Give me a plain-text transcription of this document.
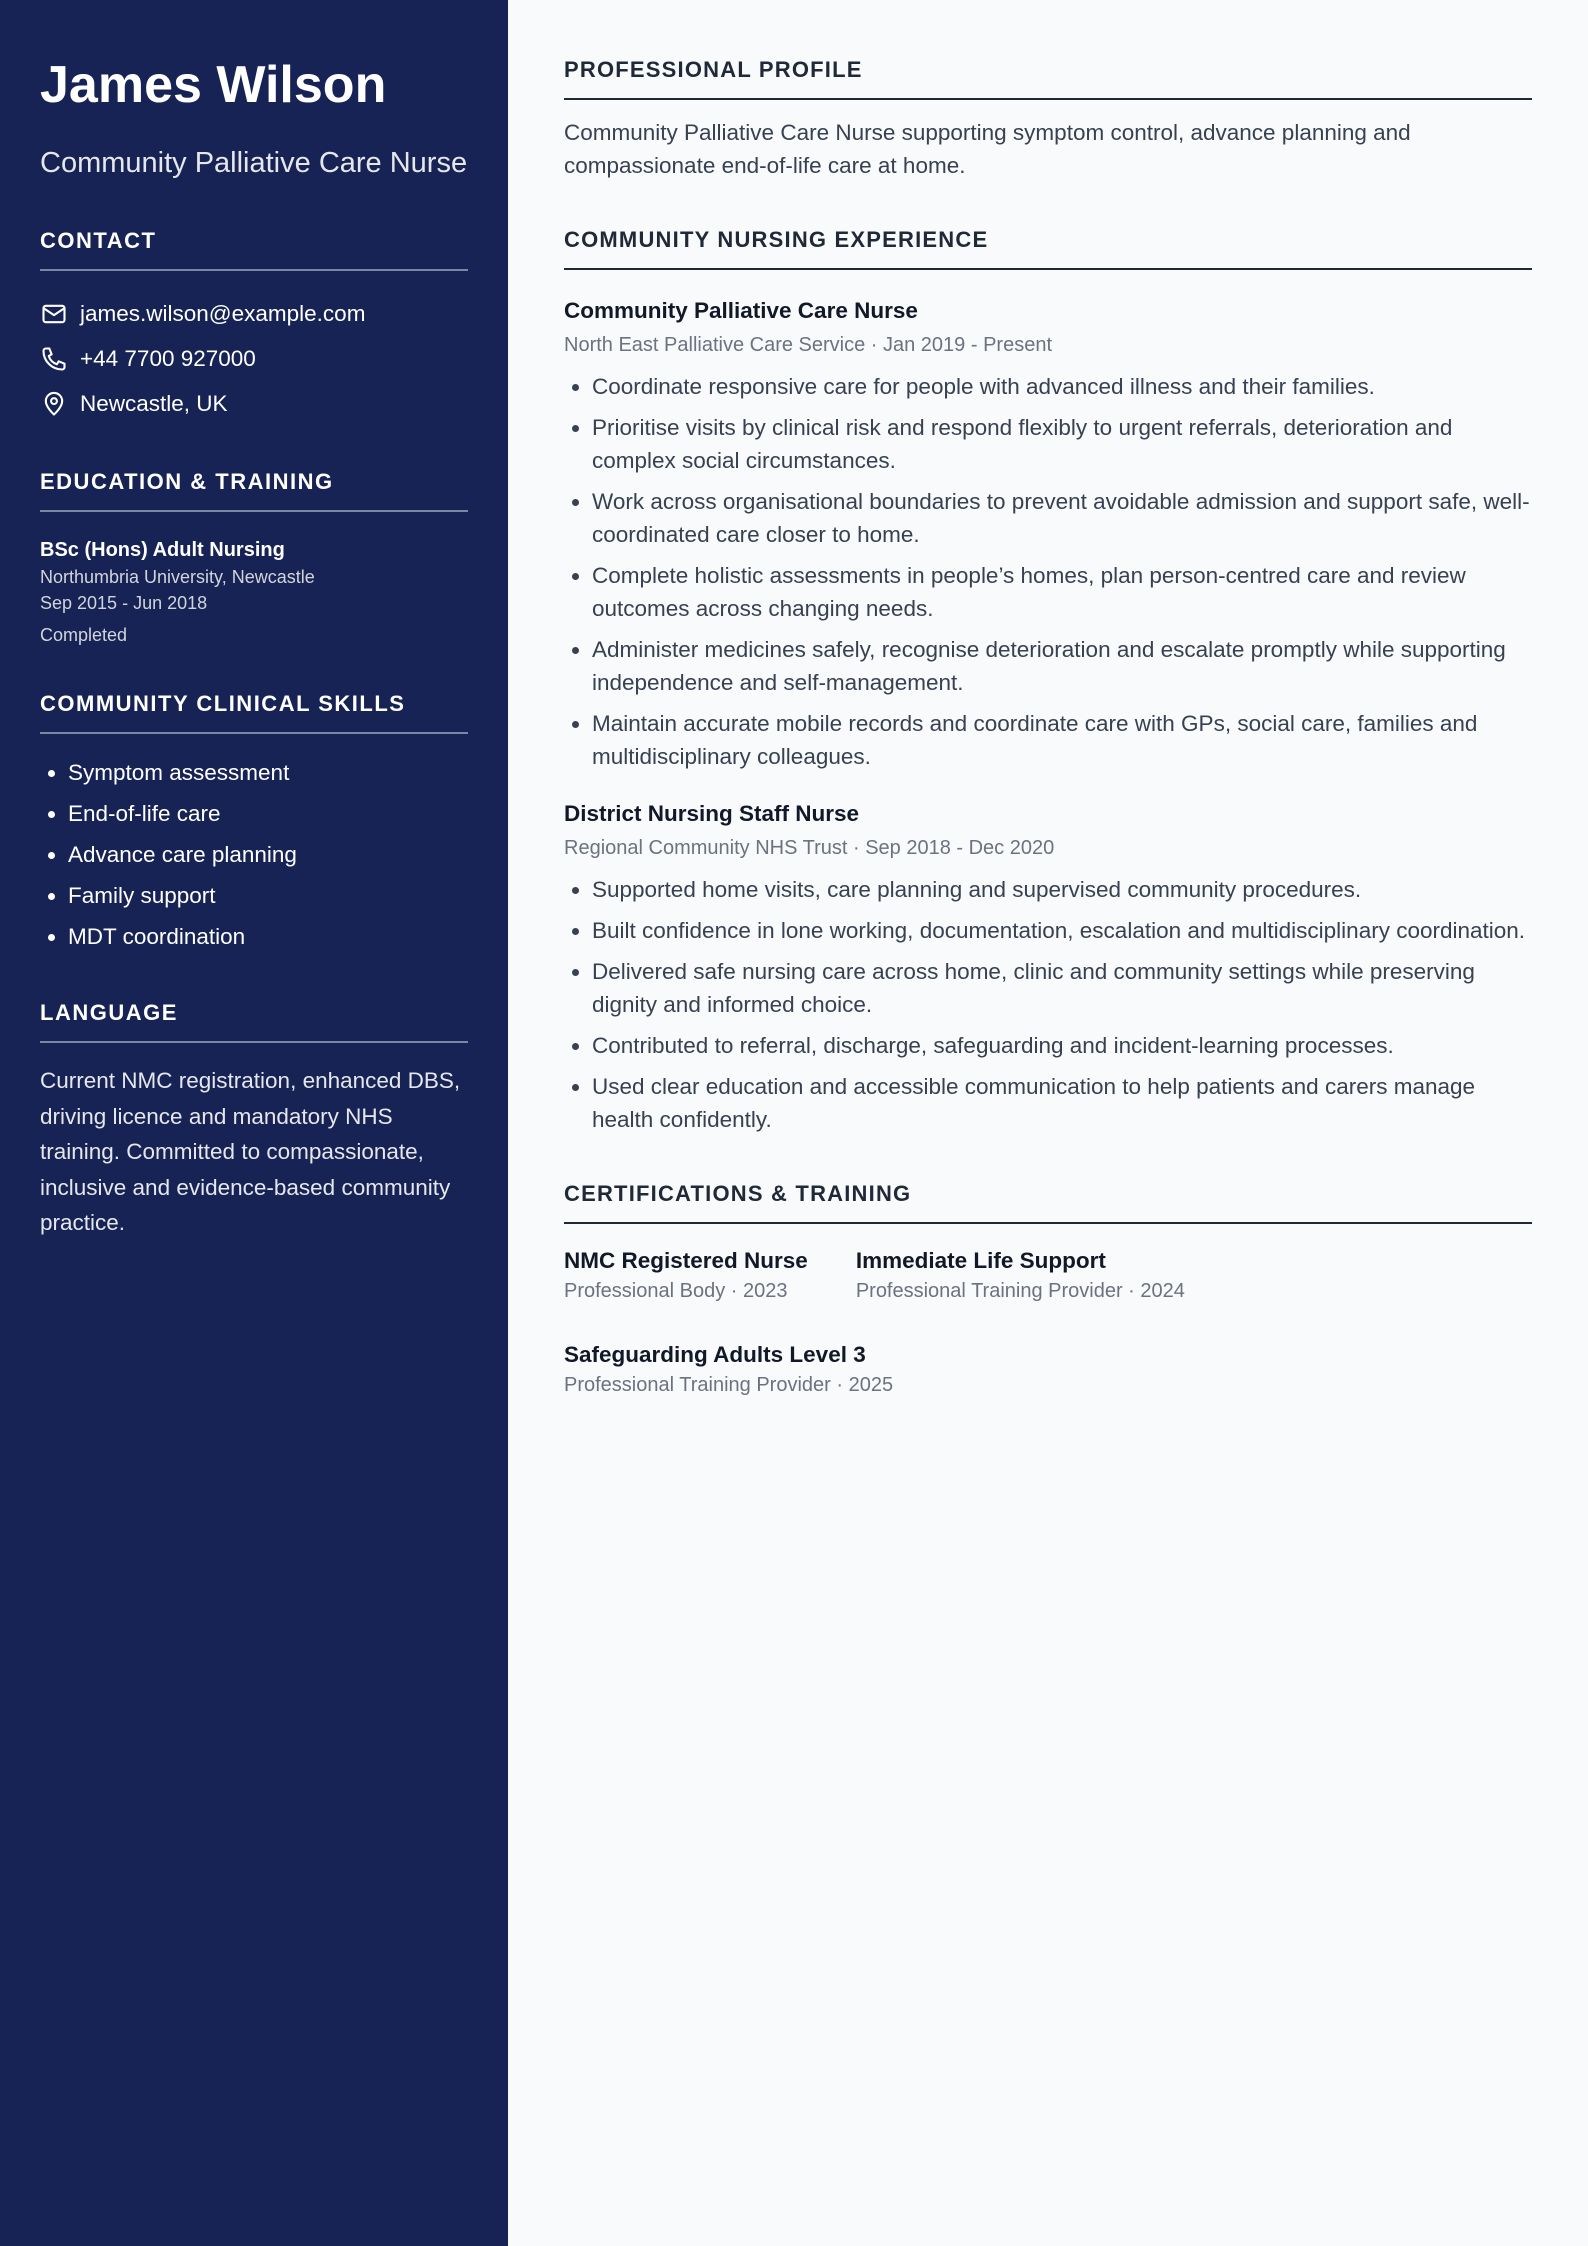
James Wilson
Community Palliative Care Nurse
CONTACT
james.wilson@example.com
+44 7700 927000
Newcastle, UK
EDUCATION & TRAINING
BSc (Hons) Adult Nursing
Northumbria University, Newcastle
Sep 2015 - Jun 2018
Completed
COMMUNITY CLINICAL SKILLS
• Symptom assessment
• End-of-life care
• Advance care planning
• Family support
• MDT coordination
LANGUAGE
Current NMC registration, enhanced DBS, driving licence and mandatory NHS training. Committed to compassionate, inclusive and evidence-based community practice.
PROFESSIONAL PROFILE
Community Palliative Care Nurse supporting symptom control, advance planning and compassionate end-of-life care at home.
COMMUNITY NURSING EXPERIENCE
Community Palliative Care Nurse
North East Palliative Care Service · Jan 2019 - Present
• Coordinate responsive care for people with advanced illness and their families.
• Prioritise visits by clinical risk and respond flexibly to urgent referrals, deterioration and complex social circumstances.
• Work across organisational boundaries to prevent avoidable admission and support safe, well-coordinated care closer to home.
• Complete holistic assessments in people’s homes, plan person-centred care and review outcomes across changing needs.
• Administer medicines safely, recognise deterioration and escalate promptly while supporting independence and self-management.
• Maintain accurate mobile records and coordinate care with GPs, social care, families and multidisciplinary colleagues.
District Nursing Staff Nurse
Regional Community NHS Trust · Sep 2018 - Dec 2020
• Supported home visits, care planning and supervised community procedures.
• Built confidence in lone working, documentation, escalation and multidisciplinary coordination.
• Delivered safe nursing care across home, clinic and community settings while preserving dignity and informed choice.
• Contributed to referral, discharge, safeguarding and incident-learning processes.
• Used clear education and accessible communication to help patients and carers manage health confidently.
CERTIFICATIONS & TRAINING
NMC Registered Nurse
Professional Body · 2023
Immediate Life Support
Professional Training Provider · 2024
Safeguarding Adults Level 3
Professional Training Provider · 2025
